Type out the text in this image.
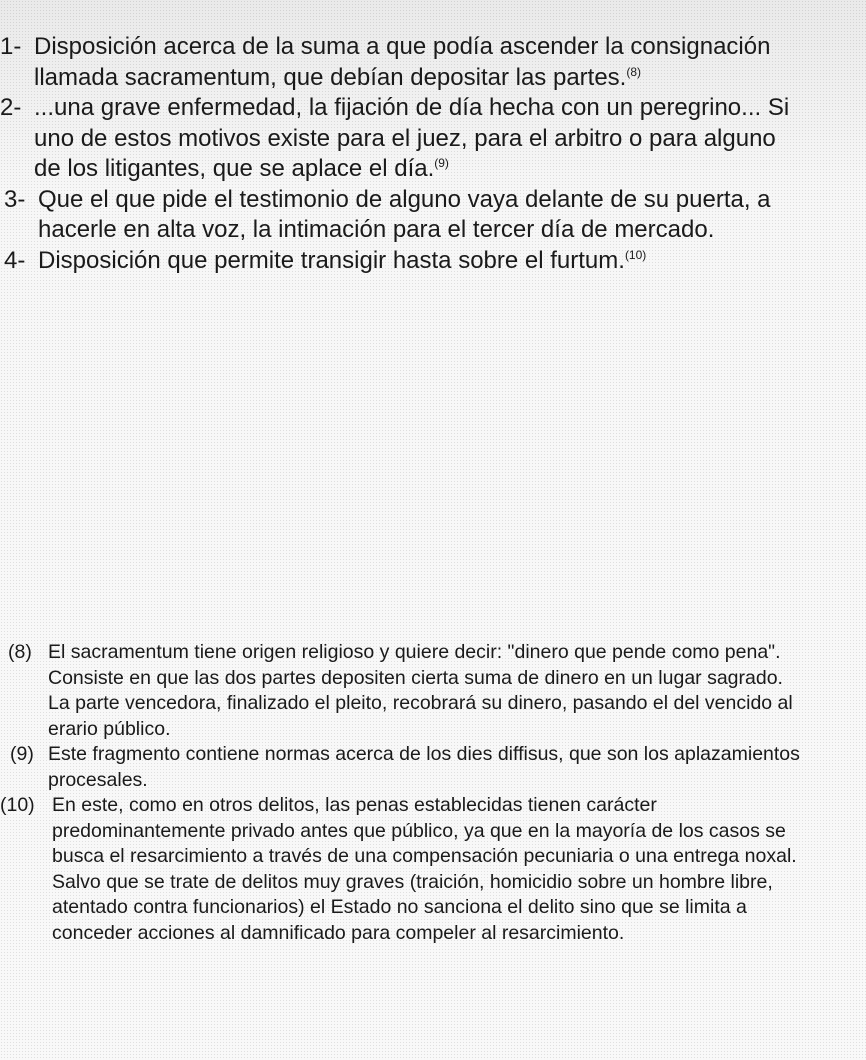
1- Disposición acerca de la suma a que podía ascender la consignación llamada sacramentum, que debían depositar las partes.$^{(8)}$
2- ...una grave enfermedad, la fijación de día hecha con un peregrino... Si uno de estos motivos existe para el juez, para el arbitro o para alguno de los litigantes, que se aplace el día.$^{(9)}$
3- Que el que pide el testimonio de alguno vaya delante de su puerta, a hacerle en alta voz, la intimación para el tercer día de mercado.
4- Disposición que permite transigir hasta sobre el furtum.$^{(10)}$
(8) El sacramentum tiene origen religioso y quiere decir: "dinero que pende como pena". Consiste en que las dos partes depositen cierta suma de dinero en un lugar sagrado. La parte vencedora, finalizado el pleito, recobrará su dinero, pasando el del vencido al erario público.
(9) Este fragmento contiene normas acerca de los dies diffisus, que son los aplazamientos procesales.
(10) En este, como en otros delitos, las penas establecidas tienen carácter predominantemente privado antes que público, ya que en la mayoría de los casos se busca el resarcimiento a través de una compensación pecuniaria o una entrega noxal. Salvo que se trate de delitos muy graves (traición, homicidio sobre un hombre libre, atentado contra funcionarios) el Estado no sanciona el delito sino que se limita a conceder acciones al damnificado para compeler al resarcimiento.
